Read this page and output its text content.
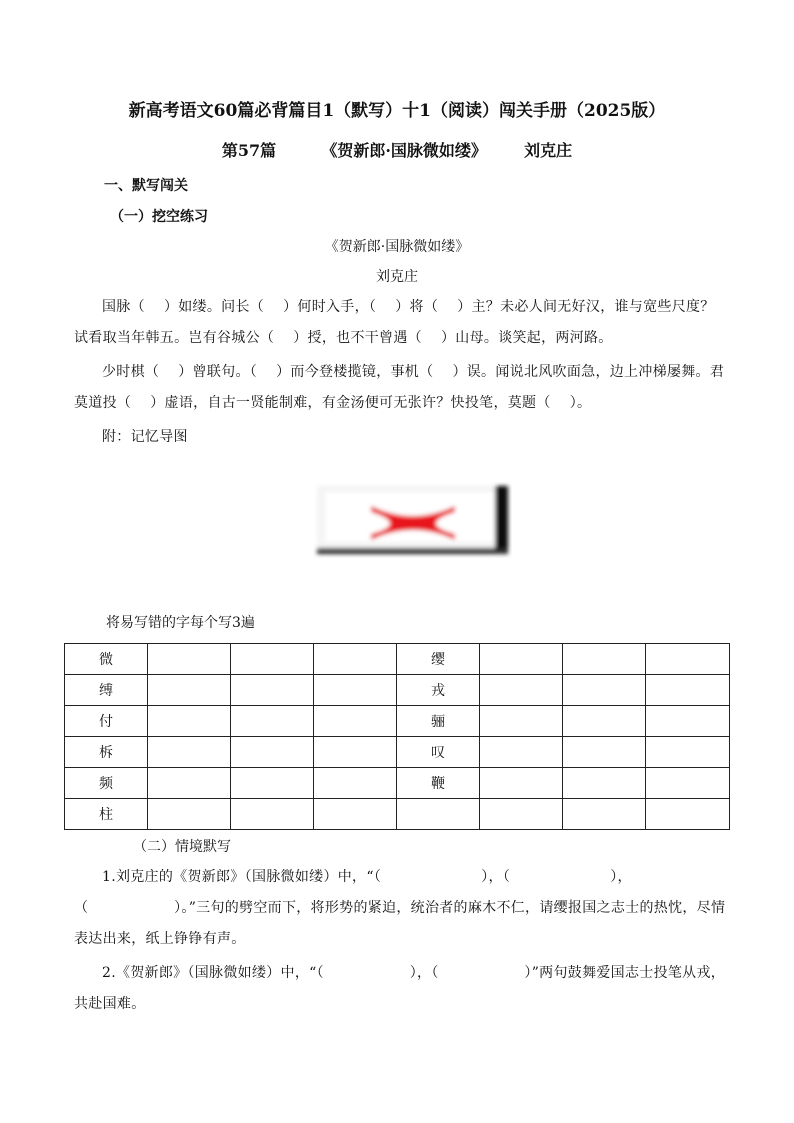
新高考语文60篇必背篇目1（默写）十1（阅读）闯关手册（2025版）
第57篇	《贺新郎·国脉微如缕》 刘克庄
一、默写闯关
（一）挖空练习
《贺新郎·国脉微如缕》
刘克庄

国脉（　 ）如缕。问长（　 ）何时入手，（　 ）将（　 ）主？未必人间无好汉，谁与宽些尺度？试看取当年韩五。岂有谷城公（　 ）授，也不干曾遇（　 ）山母。谈笑起，两河路。

少时棋（　 ）曾联句。（　 ）而今登楼揽镜，事机（　 ）误。闻说北风吹面急，边上冲梯屡舞。君莫道投（　 ）虚语，自古一贤能制难，有金汤便可无张许？快投笔，莫题（　 ）。

附：记忆导图

将易写错的字每个写3遍
微				缨			
缚				戎			
付				骊			
柝				叹			
频				鞭			
柱							
（二）情境默写

1.刘克庄的《贺新郎》（国脉微如缕）中，“（　　　　　　　），（　　　　　　　），（　　　　　　）。”三句的劈空而下，将形势的紧迫，统治者的麻木不仁，请缨报国之志士的热忱，尽情表达出来，纸上铮铮有声。

2.《贺新郎》（国脉微如缕）中，“（　　　　　　），（　　　　　　）”两句鼓舞爱国志士投笔从戎，共赴国难。
